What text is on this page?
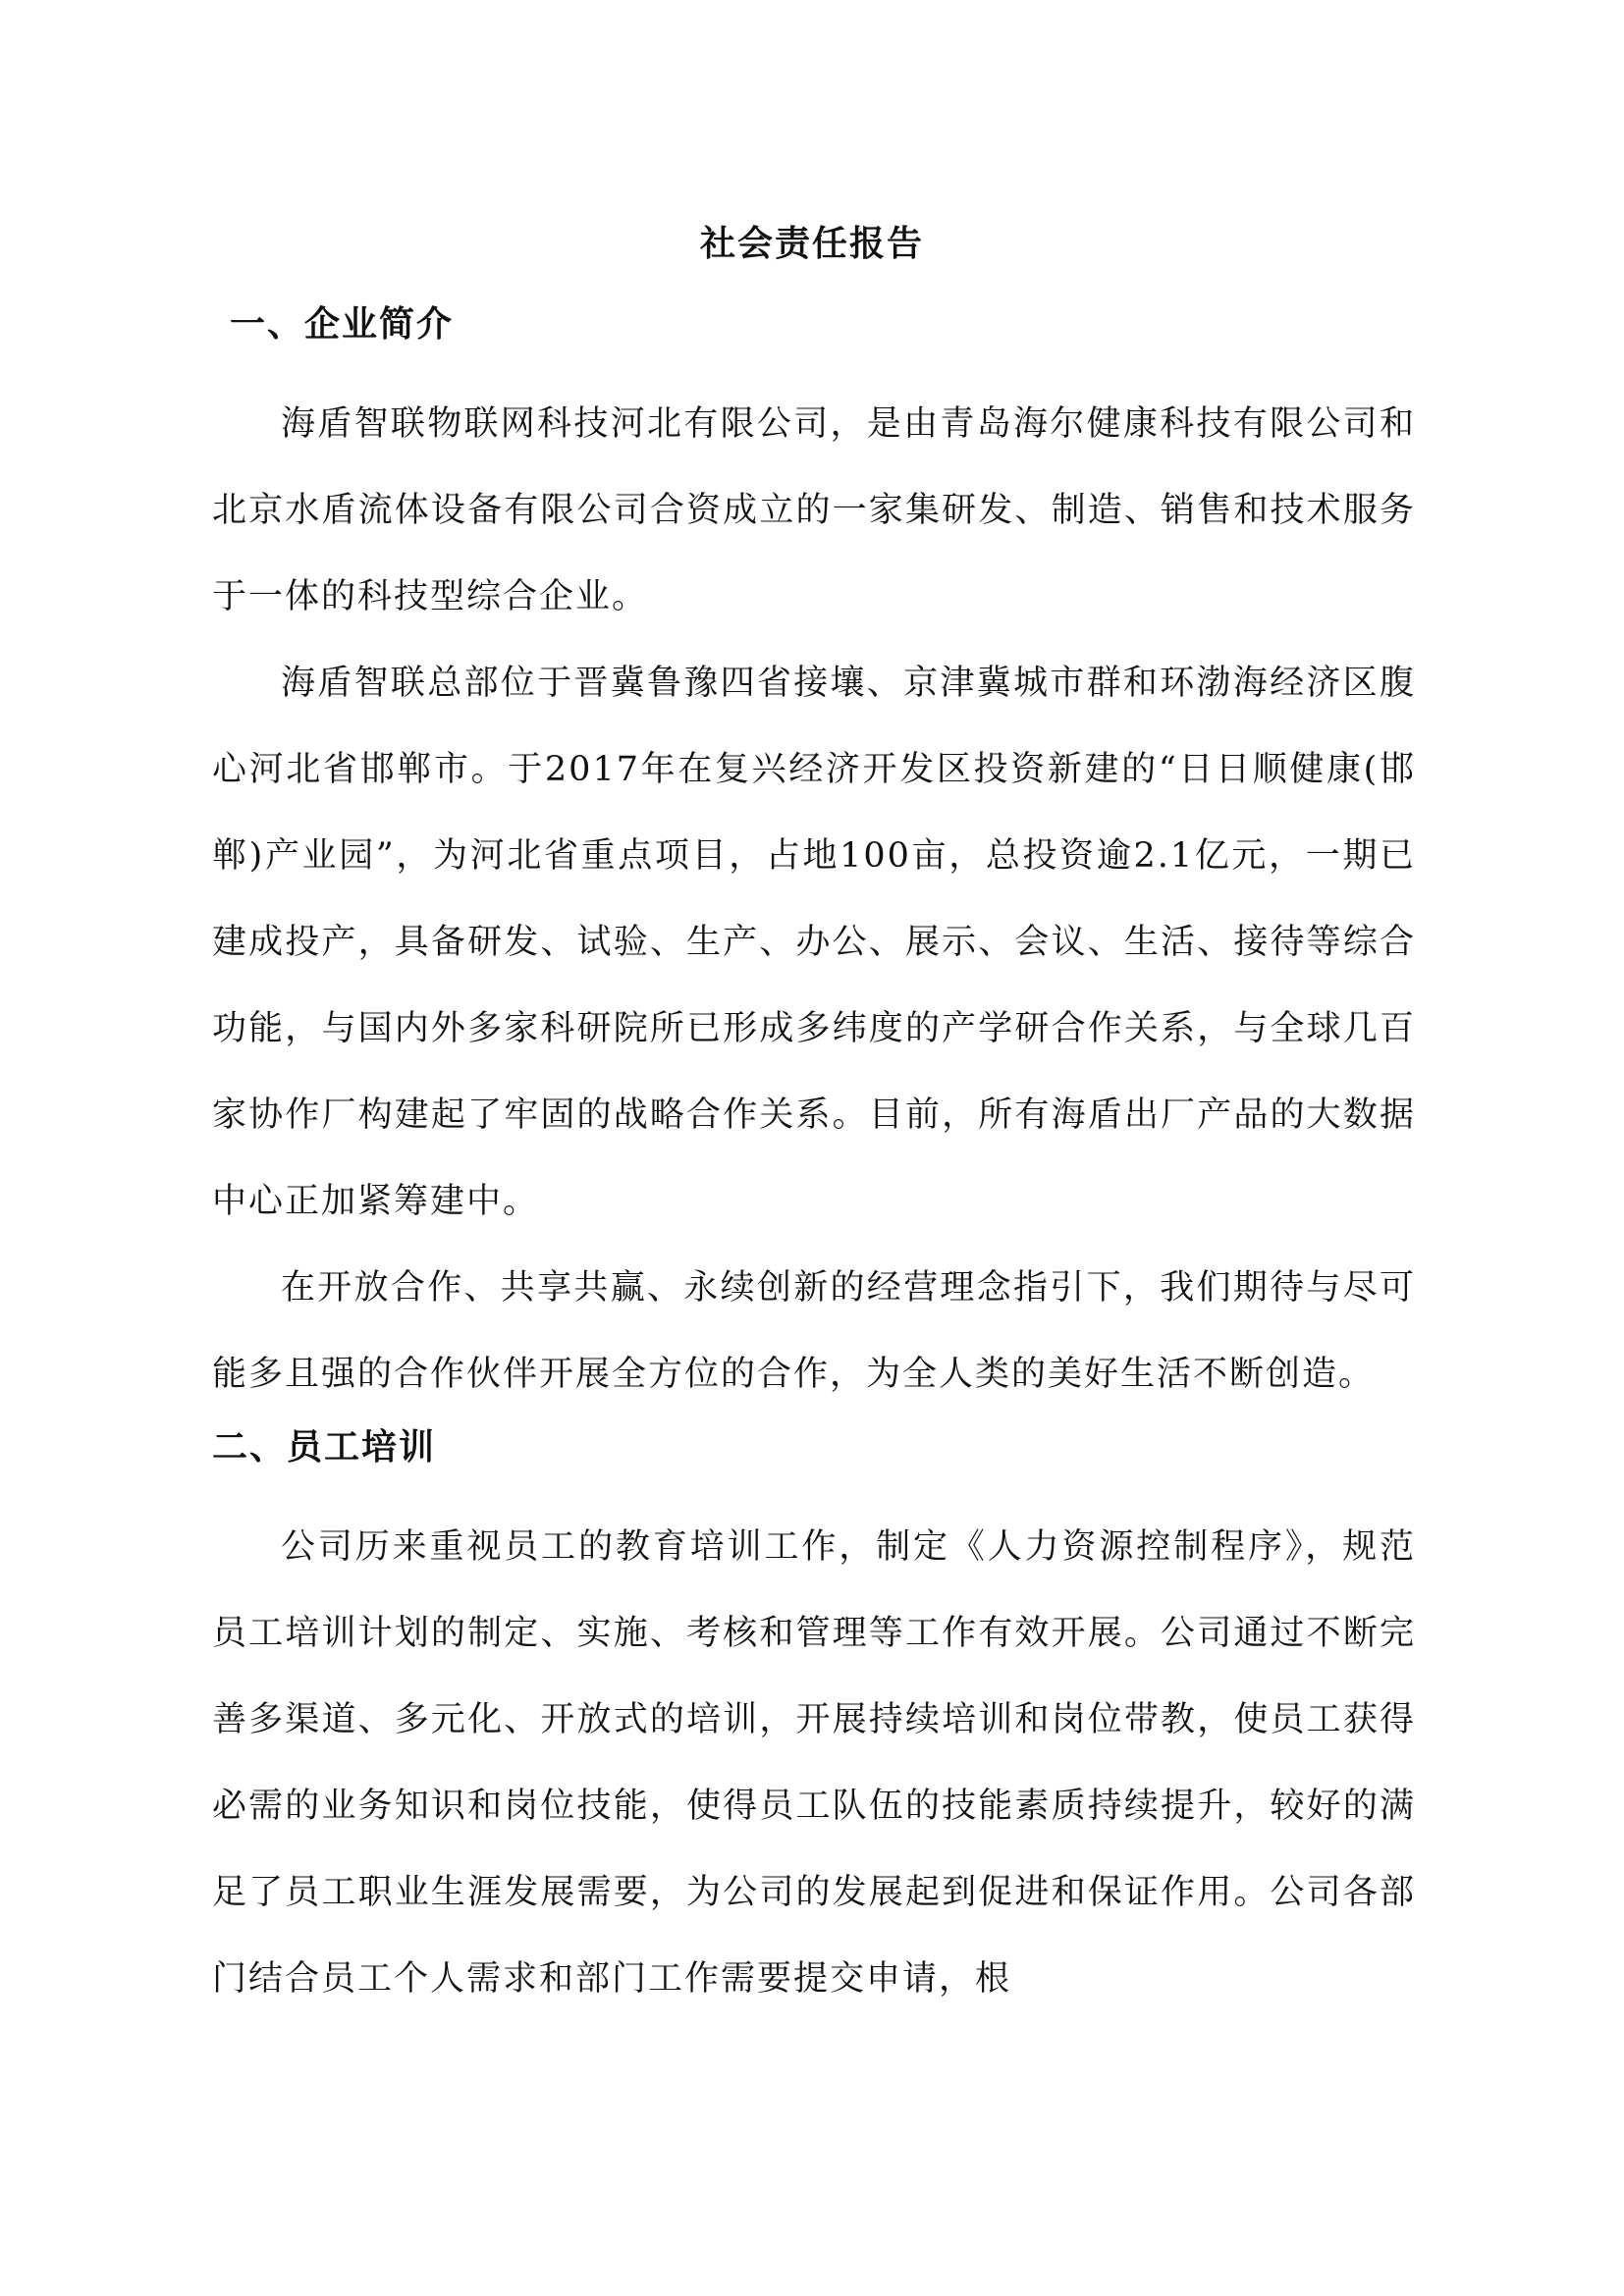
社会责任报告
一、企业简介

海盾智联物联网科技河北有限公司，是由青岛海尔健康科技有限公司和北京水盾流体设备有限公司合资成立的一家集研发、制造、销售和技术服务于一体的科技型综合企业。

海盾智联总部位于晋冀鲁豫四省接壤、京津冀城市群和环渤海经济区腹心河北省邯郸市。于2017年在复兴经济开发区投资新建的“日日顺健康(邯郸)产业园”，为河北省重点项目，占地100亩，总投资逾2.1亿元，一期已建成投产，具备研发、试验、生产、办公、展示、会议、生活、接待等综合功能，与国内外多家科研院所已形成多纬度的产学研合作关系，与全球几百家协作厂构建起了牢固的战略合作关系。目前，所有海盾出厂产品的大数据中心正加紧筹建中。

在开放合作、共享共赢、永续创新的经营理念指引下，我们期待与尽可能多且强的合作伙伴开展全方位的合作，为全人类的美好生活不断创造。

二、员工培训

公司历来重视员工的教育培训工作，制定《人力资源控制程序》，规范员工培训计划的制定、实施、考核和管理等工作有效开展。公司通过不断完善多渠道、多元化、开放式的培训，开展持续培训和岗位带教，使员工获得必需的业务知识和岗位技能，使得员工队伍的技能素质持续提升，较好的满足了员工职业生涯发展需要，为公司的发展起到促进和保证作用。公司各部门结合员工个人需求和部门工作需要提交申请，根
